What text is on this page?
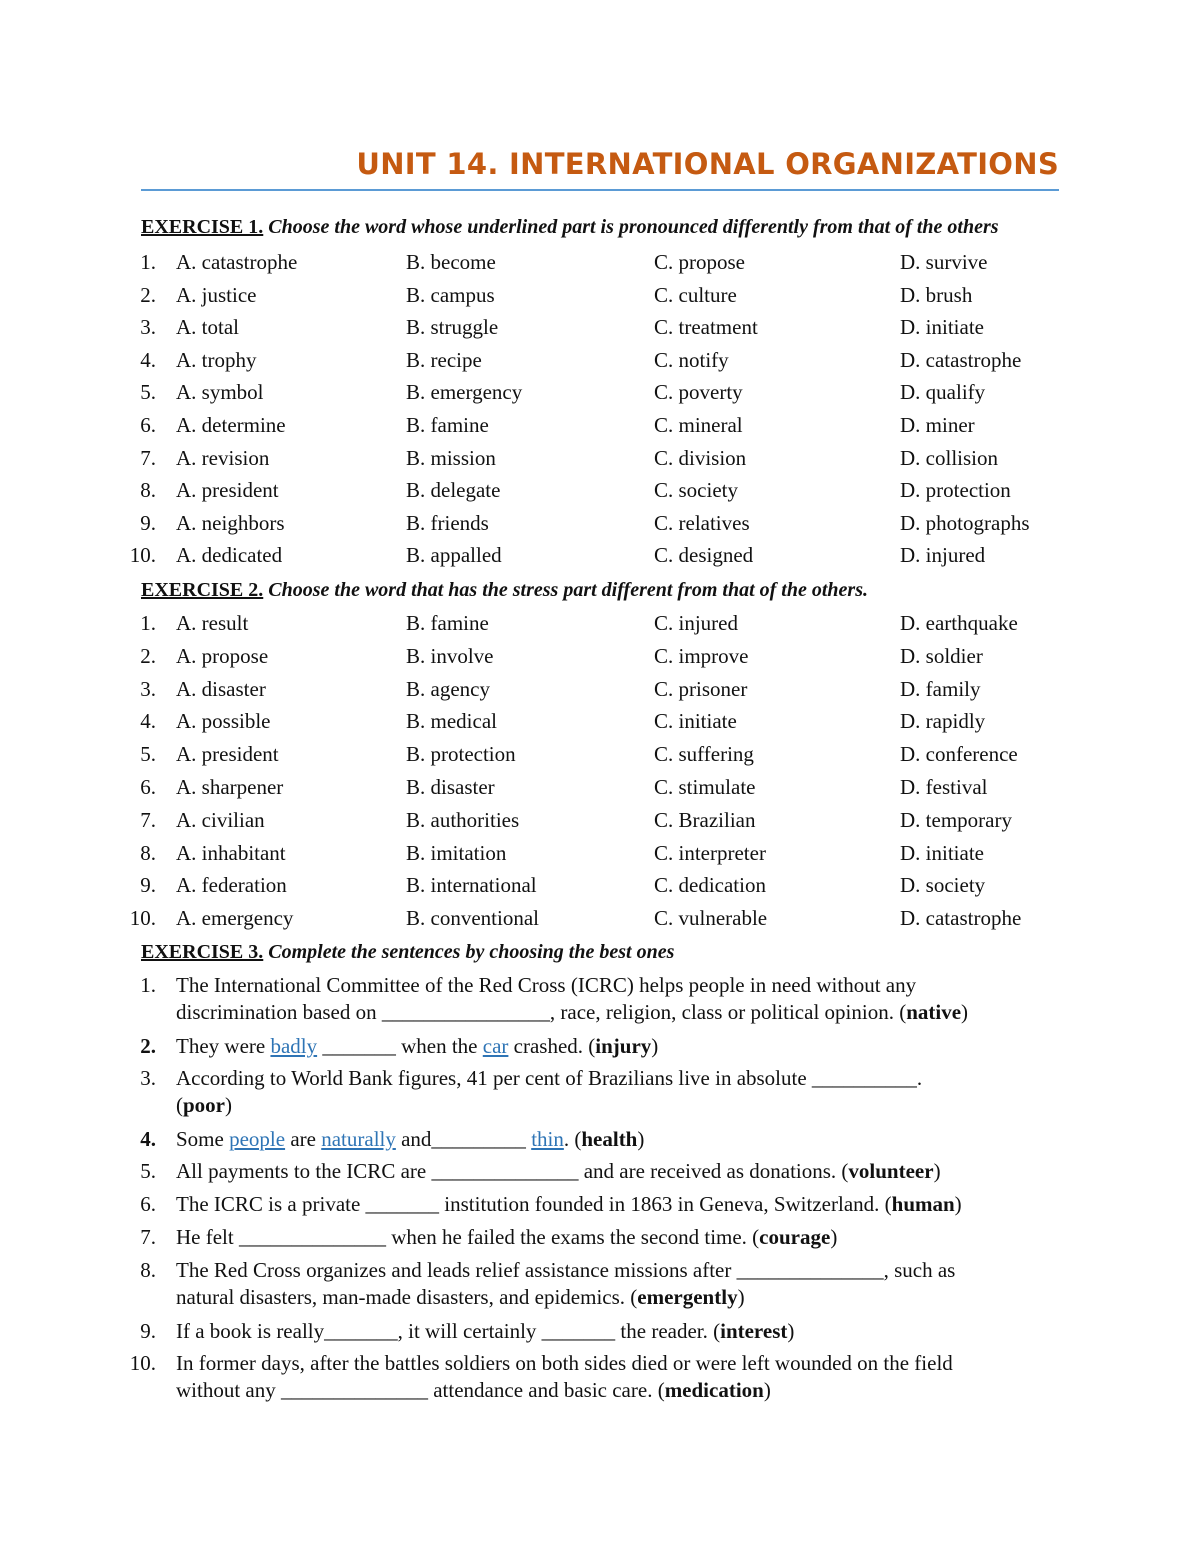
UNIT 14. INTERNATIONAL ORGANIZATIONS
EXERCISE 1. Choose the word whose underlined part is pronounced differently from that of the others
1. A. catastrophe	B. become	C. propose	D. survive
2. A. justice	B. campus	C. culture	D. brush
3. A. total	B. struggle	C. treatment	D. initiate
4. A. trophy	B. recipe	C. notify	D. catastrophe
5. A. symbol	B. emergency	C. poverty	D. qualify
6. A. determine	B. famine	C. mineral	D. miner
7. A. revision	B. mission	C. division	D. collision
8. A. president	B. delegate	C. society	D. protection
9. A. neighbors	B. friends	C. relatives	D. photographs
10. A. dedicated	B. appalled	C. designed	D. injured
EXERCISE 2. Choose the word that has the stress part different from that of the others.
1. A. result	B. famine	C. injured	D. earthquake
2. A. propose	B. involve	C. improve	D. soldier
3. A. disaster	B. agency	C. prisoner	D. family
4. A. possible	B. medical	C. initiate	D. rapidly
5. A. president	B. protection	C. suffering	D. conference
6. A. sharpener	B. disaster	C. stimulate	D. festival
7. A. civilian	B. authorities	C. Brazilian	D. temporary
8. A. inhabitant	B. imitation	C. interpreter	D. initiate
9. A. federation	B. international	C. dedication	D. society
10. A. emergency	B. conventional	C. vulnerable	D. catastrophe
EXERCISE 3. Complete the sentences by choosing the best ones
1. The International Committee of the Red Cross (ICRC) helps people in need without any
discrimination based on ________________, race, religion, class or political opinion. (native)
2. They were badly _______ when the car crashed. (injury)
3. According to World Bank figures, 41 per cent of Brazilians live in absolute __________.
(poor)
4. Some people are naturally and_________ thin. (health)
5. All payments to the ICRC are ______________ and are received as donations. (volunteer)
6. The ICRC is a private _______ institution founded in 1863 in Geneva, Switzerland. (human)
7. He felt ______________ when he failed the exams the second time. (courage)
8. The Red Cross organizes and leads relief assistance missions after ______________, such as
natural disasters, man-made disasters, and epidemics. (emergently)
9. If a book is really_______, it will certainly _______ the reader. (interest)
10. In former days, after the battles soldiers on both sides died or were left wounded on the field
without any ______________ attendance and basic care. (medication)
